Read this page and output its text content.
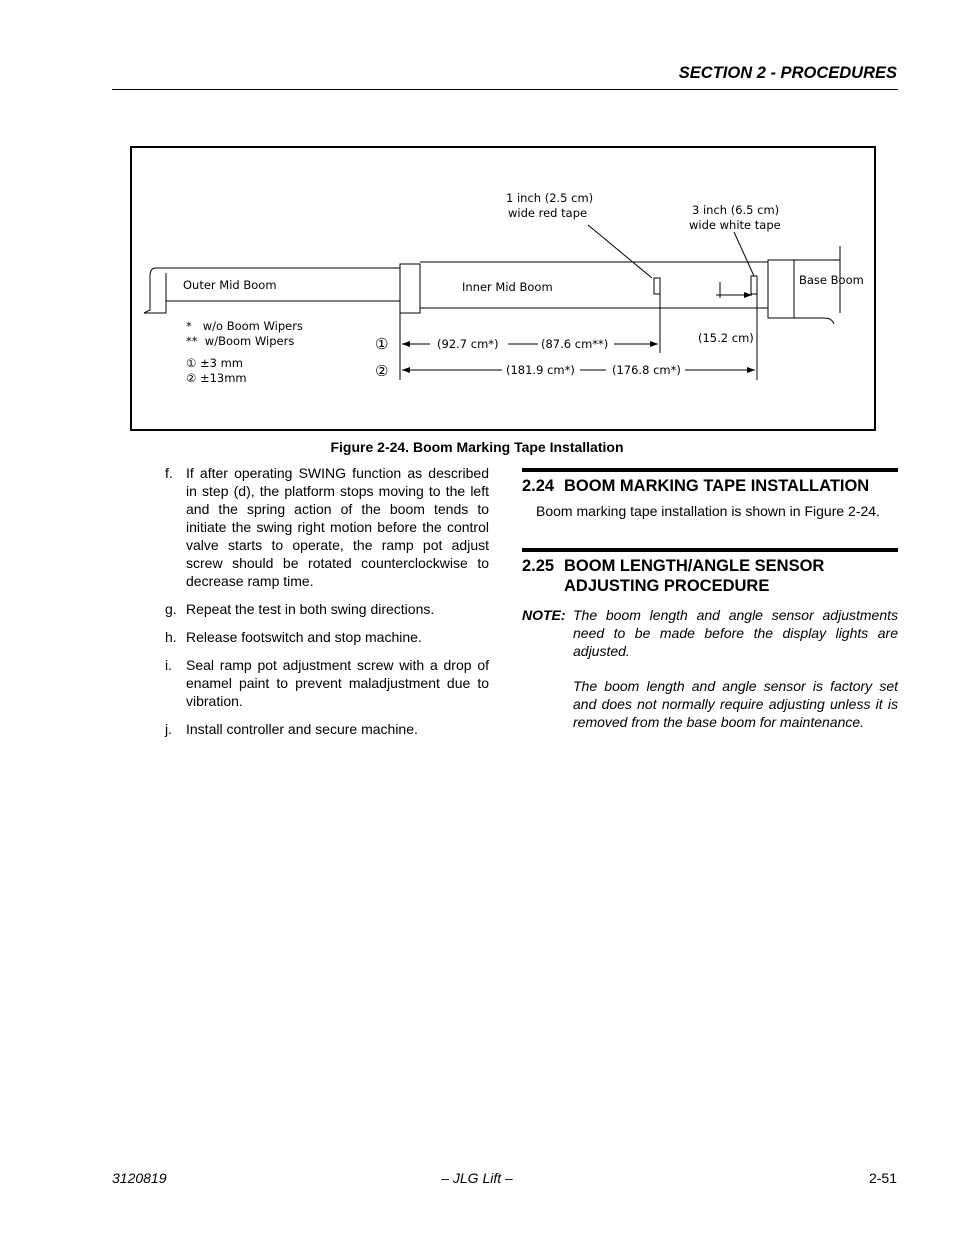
SECTION 2 - PROCEDURES
1 inch (2.5 cm)
wide red tape	3 inch (6.5 cm)
wide white tape
Outer Mid Boom	Inner Mid Boom	Base Boom
*   w/o Boom Wipers
**  w/Boom Wipers
① ±3 mm
② ±13mm
①
②
(92.7 cm*)	(87.6 cm**)	(15.2 cm)
(181.9 cm*)	(176.8 cm*)
Figure 2-24. Boom Marking Tape Installation
f. If after operating SWING function as described in step (d), the platform stops moving to the left and the spring action of the boom tends to initiate the swing right motion before the control valve starts to operate, the ramp pot adjust screw should be rotated counterclockwise to decrease ramp time.
g. Repeat the test in both swing directions.
h. Release footswitch and stop machine.
i. Seal ramp pot adjustment screw with a drop of enamel paint to prevent maladjustment due to vibration.
j. Install controller and secure machine.
2.24 BOOM MARKING TAPE INSTALLATION
Boom marking tape installation is shown in Figure 2-24.
2.25 BOOM LENGTH/ANGLE SENSOR ADJUSTING PROCEDURE
NOTE: The boom length and angle sensor adjustments need to be made before the display lights are adjusted.

The boom length and angle sensor is factory set and does not normally require adjusting unless it is removed from the base boom for maintenance.

3120819	– JLG Lift –	2-51
